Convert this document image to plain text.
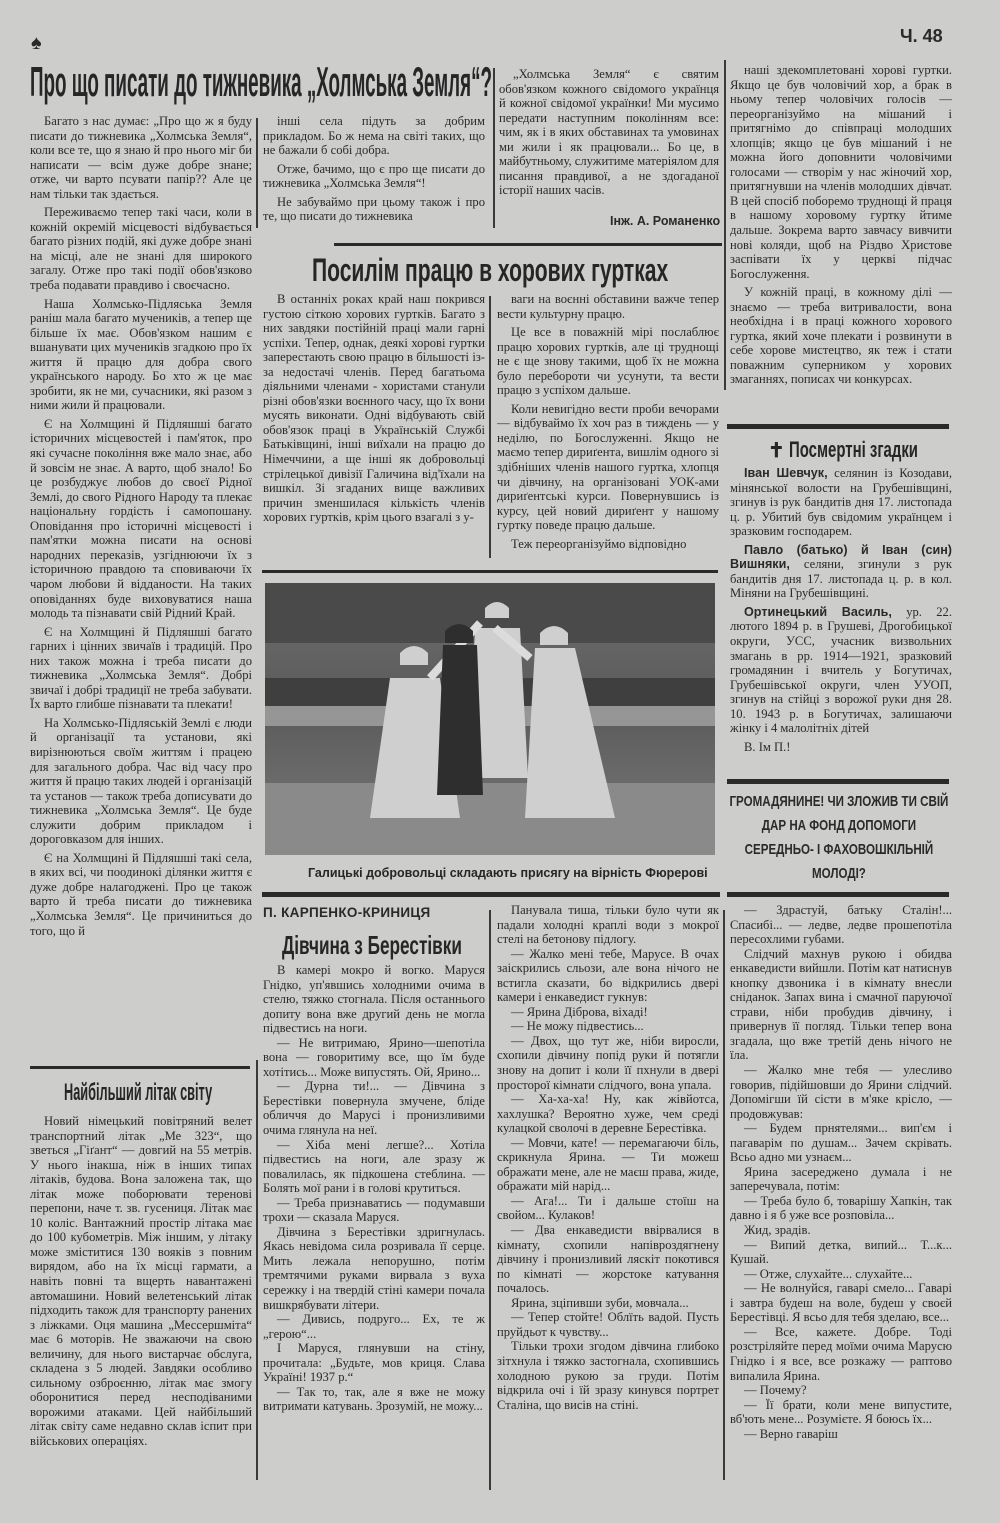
♠	Ч. 48
Про що писати до тижневика „Холмська Земля“?

Багато з нас думає: „Про що ж я буду писати до тижневика „Холмська Земля“, коли все те, що я знаю й про нього міг би написати — всім дуже добре знане; отже, чи варто псувати папір?? Але це нам тільки так здається.

Переживаємо тепер такі часи, коли в кожній окремій місцевості відбувається багато різних подій, які дуже добре знані на місці, але не знані для широкого загалу. Отже про такі події обов'язково треба подавати правдиво і своєчасно.

Наша Холмсько-Підляська Земля раніш мала багато мучеників, а тепер ще більше їх має. Обов'язком нашим є вшанувати цих мучеників згадкою про їх життя й працю для добра свого українського народу. Бо хто ж це має зробити, як не ми, сучасники, які разом з ними жили й працювали.

Є на Холмщині й Підляшші багато історичних місцевостей і пам'яток, про які сучасне покоління вже мало знає, або й зовсім не знає. А варто, щоб знало! Бо це розбуджує любов до своєї Рідної Землі, до свого Рідного Народу та плекає національну гордість і самопошану. Оповідання про історичні місцевості і пам'ятки можна писати на основі народних переказів, узгіднюючи їх з історичною правдою та сповиваючи їх чаром любови й відданости. На таких оповіданнях буде виховуватися наша молодь та пізнавати свій Рідний Край.

Є на Холмщині й Підляшші багато гарних і цінних звичаїв і традицій. Про них також можна і треба писати до тижневика „Холмська Земля“. Добрі звичаї і добрі традиції не треба забувати. Їх варто глибше пізнавати та плекати!

На Холмсько-Підляській Землі є люди й організації та установи, які вирізнюються своїм життям і працею для загального добра. Час від часу про життя й працю таких людей і організацій та установ — також треба дописувати до тижневика „Холмська Земля“. Це буде служити добрим прикладом і дороговказом для інших.

Є на Холмщині й Підляшші такі села, в яких всі, чи поодинокі ділянки життя є дуже добре налагоджені. Про це також варто й треба писати до тижневика „Холмська Земля“. Це причиниться до того, що й

інші села підуть за добрим прикладом. Бо ж нема на світі таких, що не бажали б собі добра.

Отже, бачимо, що є про ще писати до тижневика „Холмська Земля“!

Не забуваймо при цьому також і про те, що писати до тижневика

„Холмська Земля“ є святим обов'язком кожного свідомого українця й кожної свідомої українки! Ми мусимо передати наступним поколінням все: чим, як і в яких обставинах та умовинах ми жили і як працювали... Бо це, в майбутньому, служитиме матеріялом для писання правдивої, а не здогаданої історії наших часів.

Інж. А. Романенко
Посилім працю в хорових гуртках

В останніх роках край наш покрився густою сіткою хорових гуртків. Багато з них завдяки постійній праці мали гарні успіхи. Тепер, однак, деякі хорові гуртки заперестають свою працю в більшості із-за недостачі членів. Перед багатьома діяльними членами - хористами станули різні обов'язки воєнного часу, що їх вони мусять виконати. Одні відбувають свій обов'язок праці в Українській Службі Батьківщині, інші виїхали на працю до Німеччини, а ще інші як добровольці стрілецької дивізії Галичина від'їхали на вишкіл. Зі згаданих вище важливих причин зменшилася кількість членів хорових гуртків, крім цього взагалі з у-

ваги на воєнні обставини важче тепер вести культурну працю.

Це все в поважній мірі послаблює працю хорових гуртків, але ці труднощі не є ще знову такими, щоб їх не можна було перебороти чи усунути, та вести працю з успіхом дальше.

Коли невигідно вести проби вечорами — відбуваймо їх хоч раз в тиждень — у неділю, по Богослуженні. Якщо не маємо тепер дириґента, вишлім одного зі здібніших членів нашого гуртка, хлопця чи дівчину, на організовані УОК-ами дириґентські курси. Повернувшись із курсу, цей новий дириґент у нашому гуртку поведе працю дальше.

Теж переорганізуймо відповідно

наші здекомплетовані хорові гуртки. Якщо це був чоловічий хор, а брак в ньому тепер чоловічих голосів — переорганізуймо на мішаний і притягнімо до співпраці молодших хлопців; якщо це був мішаний і не можна його доповнити чоловічими голосами — створім у нас жіночий хор, притягнувши на членів молодших дівчат. В цей спосіб поборемо труднощі й праця в нашому хоровому гуртку йтиме дальше. Зокрема варто завчасу вивчити нові коляди, щоб на Різдво Христове заспівати їх у церкві підчас Богослуження.

У кожній праці, в кожному ділі — знаємо — треба витривалости, вона необхідна і в праці кожного хорового гуртка, який хоче плекати і розвинути в себе хорове мистецтво, як теж і стати поважним суперником у хорових змаганнях, пописах чи конкурсах.

Галицькі добровольці складають присягу на вірність Фюрерові
✝ Посмертні згадки

Іван Шевчук, селянин із Козодави, мінянської волости на Грубешівщині, згинув із рук бандитів дня 17. листопада ц. р. Убитий був свідомим українцем і зразковим господарем.

Павло (батько) й Іван (син) Вишняки, селяни, згинули з рук бандитів дня 17. листопада ц. р. в кол. Міняни на Грубешівщині.

Ортинецький Василь, ур. 22. лютого 1894 р. в Грушеві, Дрогобицької округи, УСС, учасник визвольних змагань в рр. 1914—1921, зразковий громадянин і вчитель у Богутичах, Грубешівської округи, член УУОП, згинув на стійці з ворожої руки дня 28. 10. 1943 р. в Богутичах, залишаючи жінку і 4 малолітніх дітей

В. Ім П.!

ГРОМАДЯНИНЕ! ЧИ ЗЛОЖИВ ТИ СВІЙ ДАР НА ФОНД ДОПОМОГИ СЕРЕДНЬО- І ФАХОВОШКІЛЬНІЙ МОЛОДІ?
Найбільший літак світу

Новий німецький повітряний велет транспортний літак „Ме 323“, що зветься „Гіґант“ — довгий на 55 метрів. У нього інакша, ніж в інших типах літаків, будова. Вона заложена так, що літак може поборювати теренові перепони, наче т. зв. гусениця. Літак має 10 коліс. Вантажний простір літака має до 100 кубометрів. Між іншим, у літаку може зміститися 130 вояків з повним вирядом, або на їх місці гармати, а навіть повні та вщерть навантажені автомашини. Новий велетенський літак підходить також для транспорту ранених з ліжками. Оця машина „Мессершміта“ має 6 моторів. Не зважаючи на свою величину, для нього вистарчає обслуга, складена з 5 людей. Завдяки особливо сильному озброєнню, літак має змогу оборонитися перед несподіваними ворожими атаками. Цей найбільший літак світу саме недавно склав іспит при військових операціях.

П. КАРПЕНКО-КРИНИЦЯ
Дівчина з Берестівки

В камері мокро й вогко. Маруся Гнідко, уп'явшись холодними очима в стелю, тяжко стогнала. Після останнього допиту вона вже другий день не могла підвестись на ноги.

— Не витримаю, Ярино—шепотіла вона — говоритиму все, що їм буде хотітись... Може випустять. Ой, Ярино...

— Дурна ти!... — Дівчина з Берестівки повернула змучене, бліде обличчя до Марусі і пронизливими очима глянула на неї.

— Хіба мені легше?... Хотіла підвестись на ноги, але зразу ж повалилась, як підкошена стеблина. — Болять мої рани і в голові крутиться.

— Треба признаватись — подумавши трохи — сказала Маруся.

Дівчина з Берестівки здригнулась. Якась невідома сила розривала її серце. Мить лежала непорушно, потім тремтячими руками вирвала з вуха сережку і на твердій стіні камери почала вишкрябувати літери.

— Дивись, подруго... Ех, те ж „герою“...

І Маруся, глянувши на стіну, прочитала: „Будьте, мов криця. Слава Україні! 1937 р.“

— Так то, так, але я вже не можу витримати катувань. Зрозумій, не можу...

Панувала тиша, тільки було чути як падали холодні краплі води з мокрої стелі на бетонову підлогу.

— Жалко мені тебе, Марусе. В очах заіскрились сльози, але вона нічого не встигла сказати, бо відкрились двері камери і енкаведист гукнув:

— Ярина Діброва, віхаді!

— Не можу підвестись...

— Двох, що тут же, ніби виросли, схопили дівчину попід руки й потягли знову на допит і коли її пхнули в двері просторої кімнати слідчого, вона упала.

— Ха-ха-ха! Ну, как жівйотса, хахлушка? Вероятно хуже, чем среді кулацкой сволочі в деревне Берестівка.

— Мовчи, кате! — перемагаючи біль, скрикнула Ярина. — Ти можеш ображати мене, але не маєш права, жиде, ображати мій нарід...

— Ага!... Ти і дальше стоїш на свойом... Кулаков!

— Два енкаведисти ввірвалися в кімнату, схопили напівроздягнену дівчину і пронизливий ляскіт покотився по кімнаті — жорстоке катування почалось.

Ярина, зціпивши зуби, мовчала...

— Тепер стойте! Облїть вадой. Пусть пруйдьот к чувству...

Тільки трохи згодом дівчина глибоко зітхнула і тяжко застогнала, схопившись холодною рукою за груди. Потім відкрила очі і їй зразу кинувся портрет Сталіна, що висів на стіні.

— Здрастуй, батьку Сталін!... Спасибі... — ледве, ледве прошепотіла пересохлими губами.

Слідчий махнув рукою і обидва енкаведисти вийшли. Потім кат натиснув кнопку дзвоника і в кімнату внесли сніданок. Запах вина і смачної паруючої страви, ніби пробудив дівчину, і привернув її погляд. Тільки тепер вона згадала, що вже третій день нічого не їла.

— Жалко мне тебя — улесливо говорив, підійшовши до Ярини слідчий. Допомігши їй сісти в м'яке крісло, — продовжував:

— Будем прнятелями... вип'єм і пагаварім по душам... Зачем скрівать. Всьо адно ми узнаєм...

Ярина засереджено думала і не заперечувала, потім:

— Треба було б, товарішу Хапкін, так давно і я б уже все розповіла...

Жид, зрадів.

— Випий детка, випий... Т...к... Кушай.

— Отже, слухайте... слухайте...

— Не волнуйся, гаварі смело... Гаварі і завтра будеш на воле, будеш у своєй Берестівці. Я всьо для тебя зделаю, все...

— Все, кажете. Добре. Тоді розстріляйте перед моїми очима Марусю Гнідко і я все, все розкажу — раптово випалила Ярина.

— Почему?

— Її брати, коли мене випустите, вб'ють мене... Розумієте. Я боюсь їх...

— Верно гаваріш
